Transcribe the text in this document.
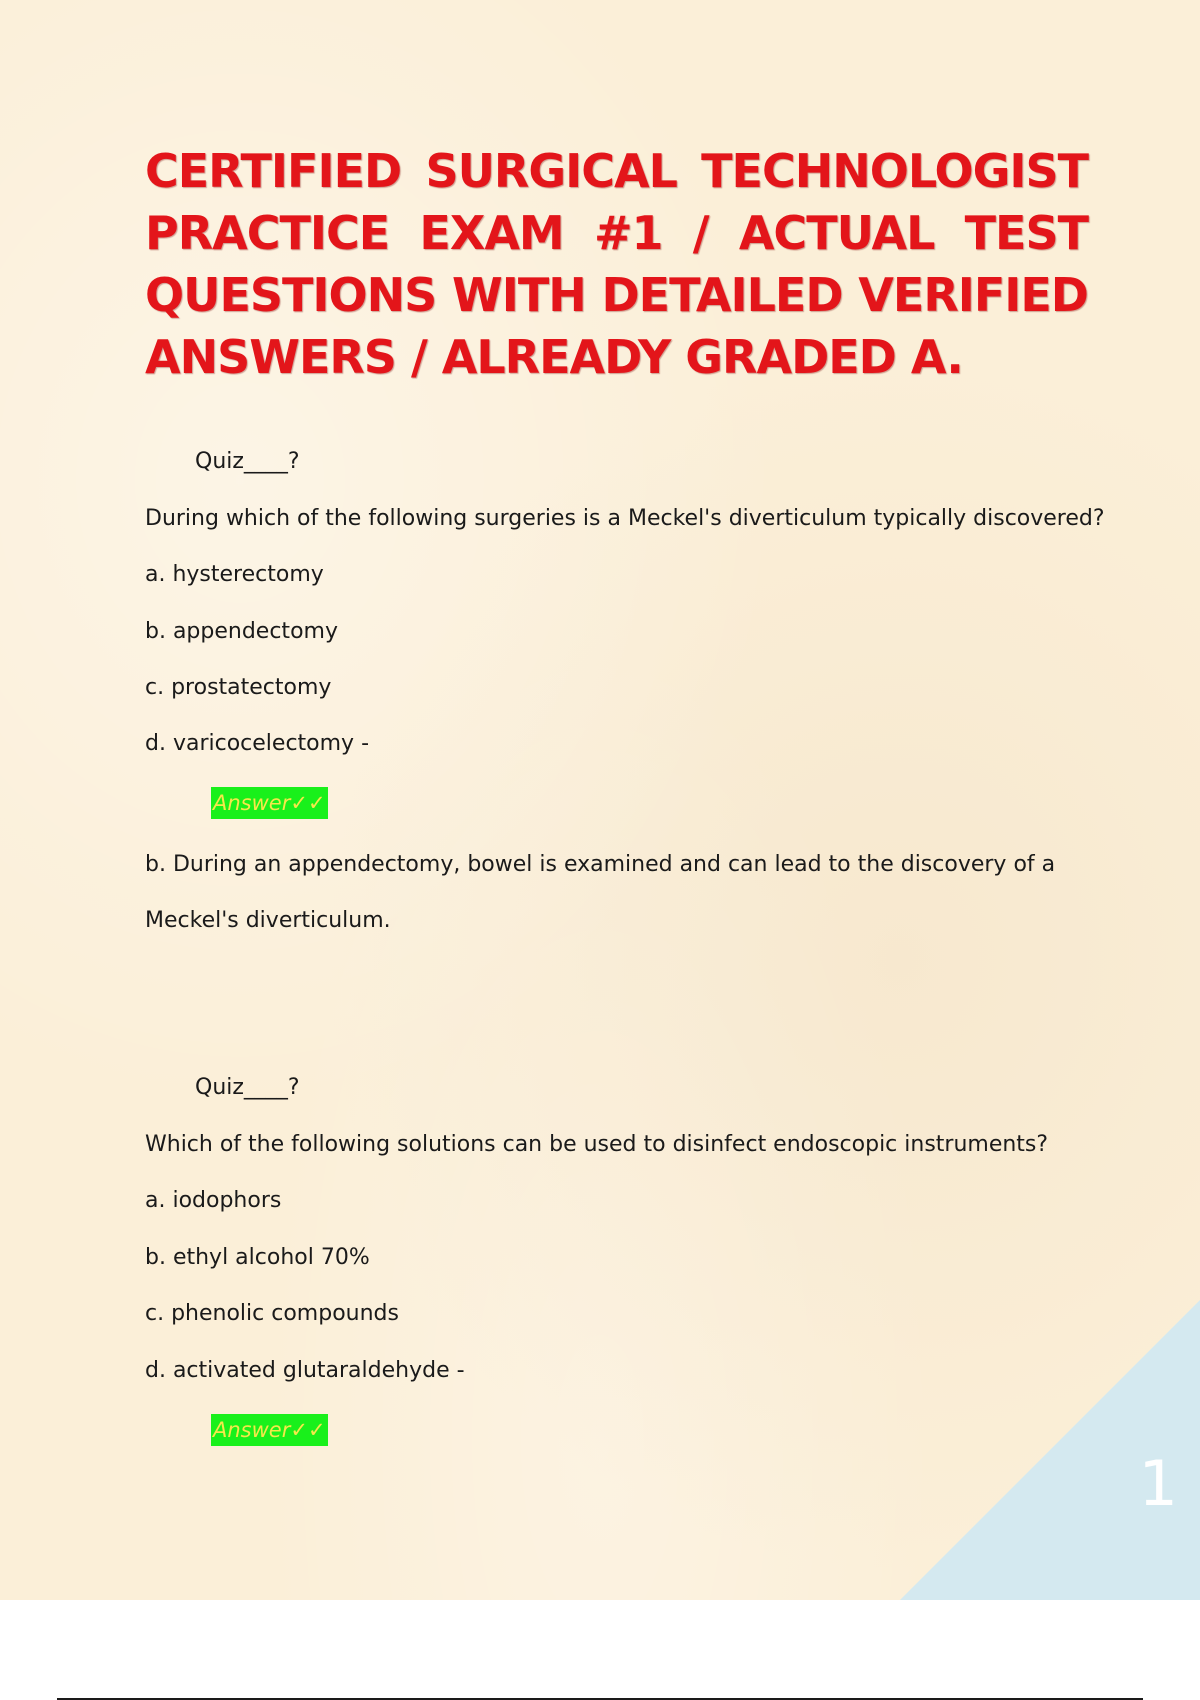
1
CERTIFIED SURGICAL TECHNOLOGIST PRACTICE EXAM #1 / ACTUAL TEST QUESTIONS WITH DETAILED VERIFIED ANSWERS / ALREADY GRADED A.

Quiz____?

During which of the following surgeries is a Meckel's diverticulum typically discovered?

a. hysterectomy

b. appendectomy

c. prostatectomy

d. varicocelectomy -

Answer✓✓

b. During an appendectomy, bowel is examined and can lead to the discovery of a

Meckel's diverticulum.

Quiz____?

Which of the following solutions can be used to disinfect endoscopic instruments?

a. iodophors

b. ethyl alcohol 70%

c. phenolic compounds

d. activated glutaraldehyde -

Answer✓✓
